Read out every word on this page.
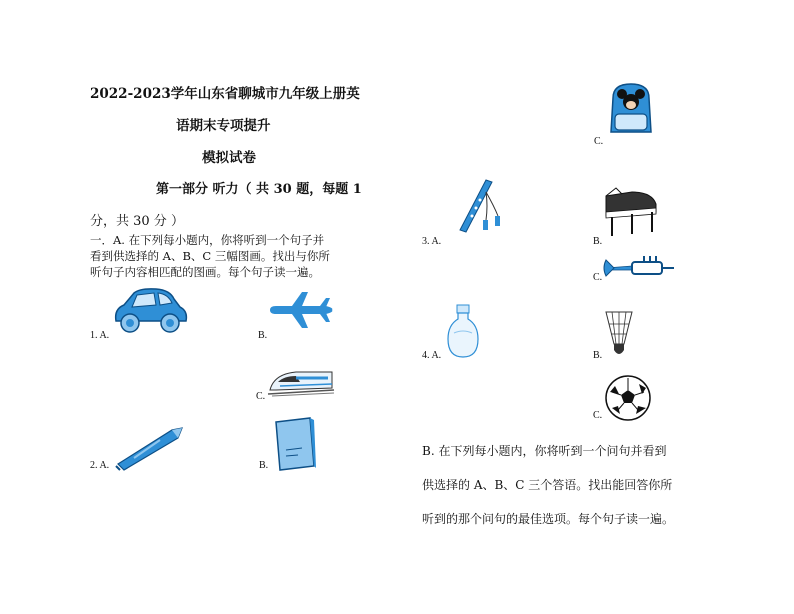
2022-2023学年山东省聊城市九年级上册英
语期末专项提升
模拟试卷
第一部分 听力（ 共 30 题，每题 1
分，共 30 分 ）
一．A. 在下列每小题内，你将听到一个句子并
看到供选择的 A、B、C 三幅图画。找出与你所
听句子内容相匹配的图画。每个句子读一遍。
1. A.	B.
C.
2. A.	B.
C.
3. A.	B.
C.
4. A.	B.
C.
B. 在下列每小题内，你将听到一个问句并看到
供选择的 A、B、C 三个答语。找出能回答你所
听到的那个问句的最佳选项。每个句子读一遍。
